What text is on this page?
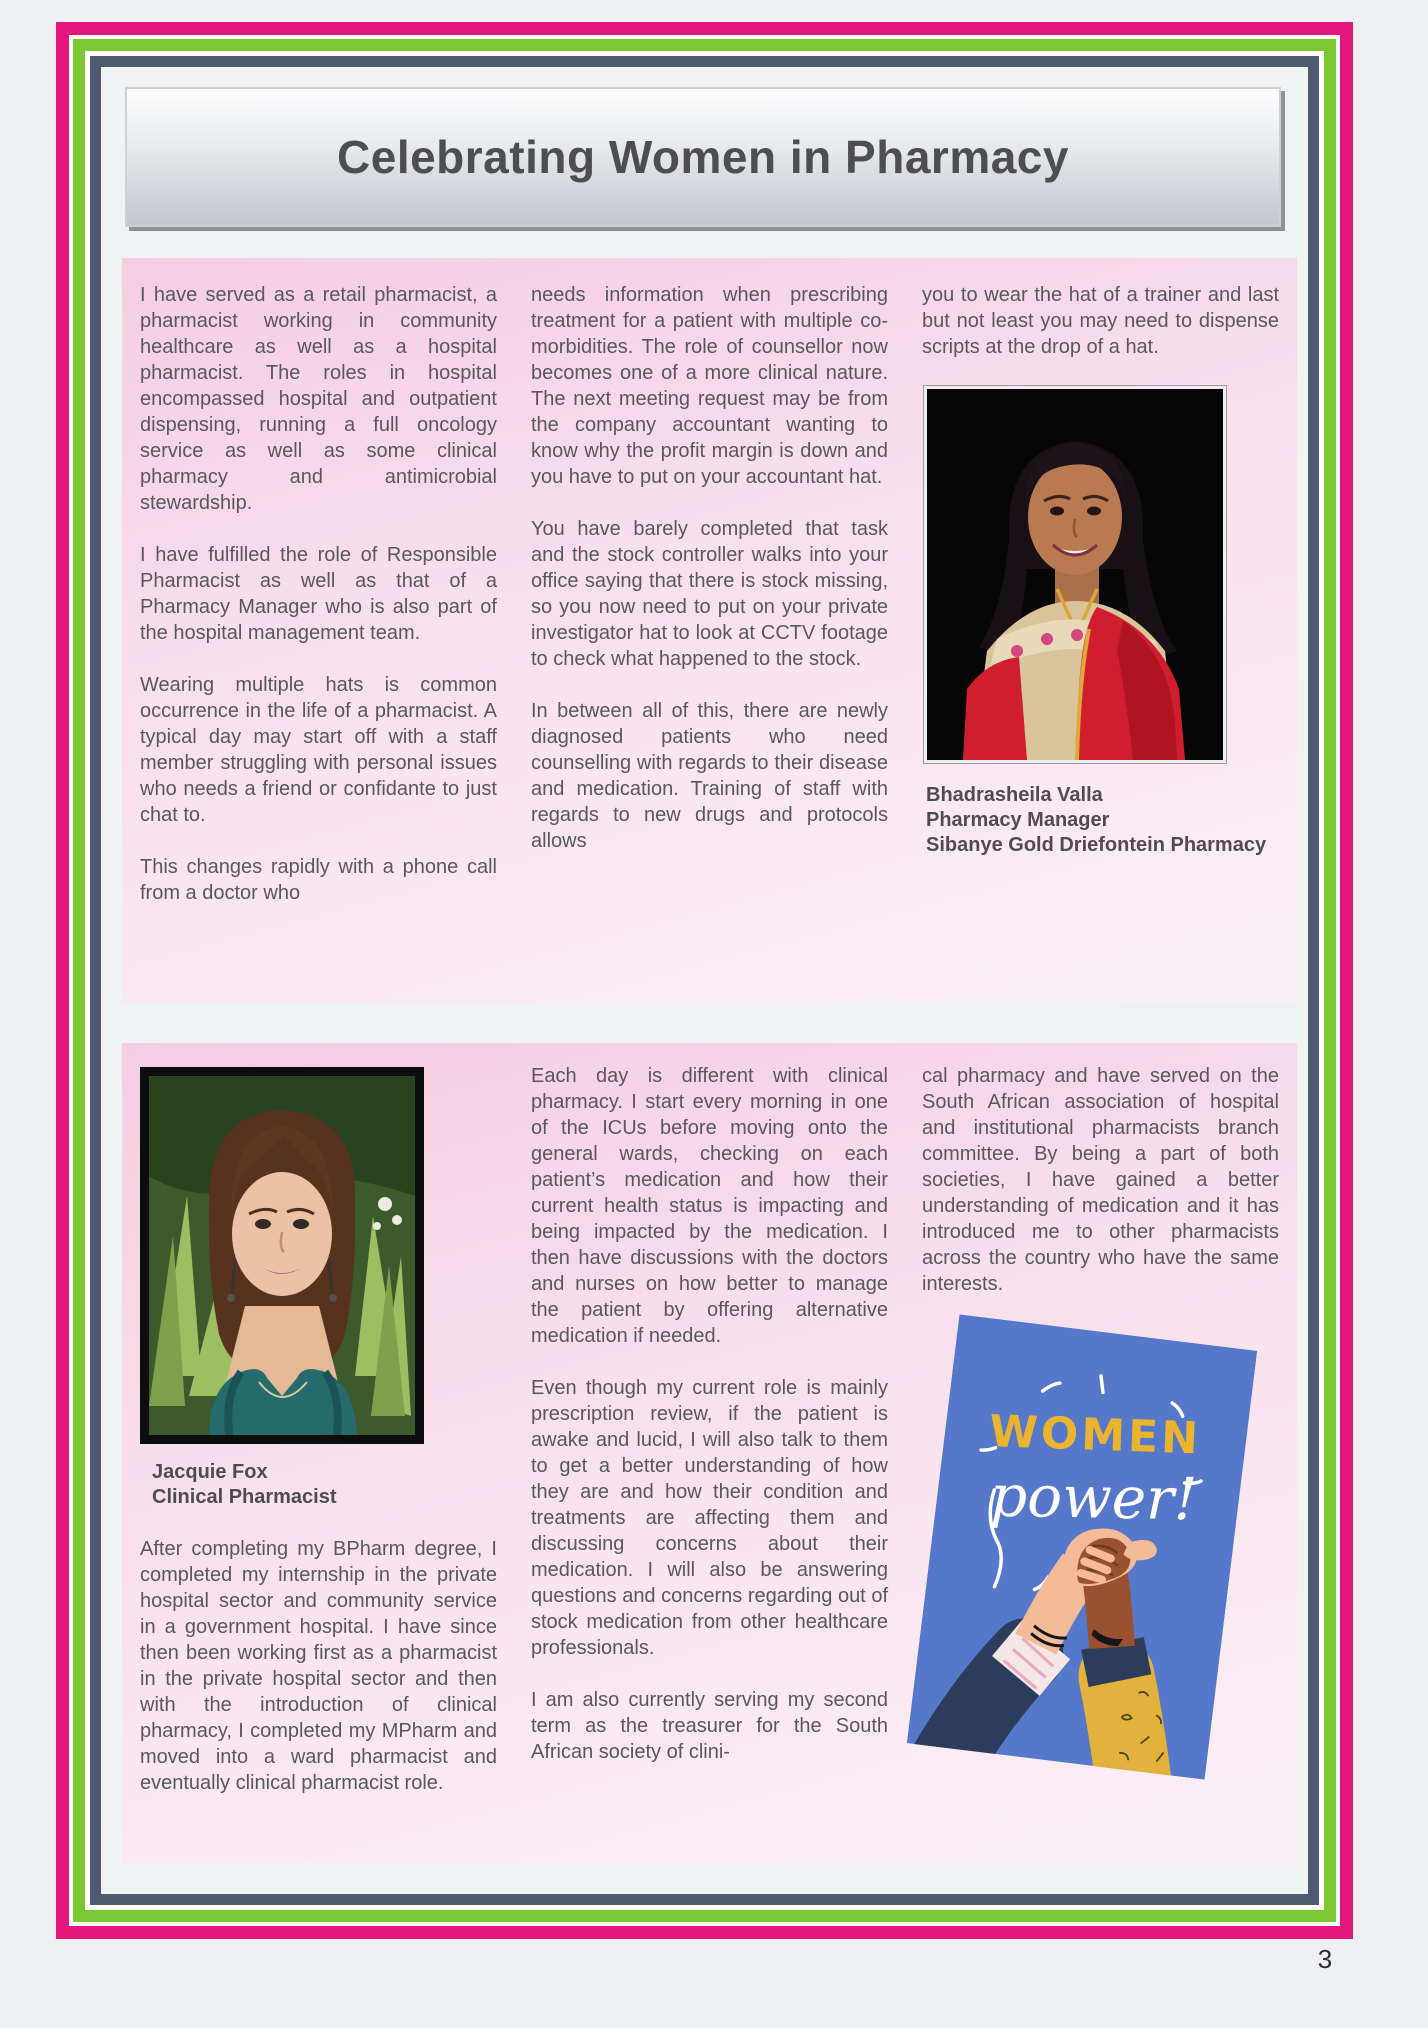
Celebrating Women in Pharmacy

I have served as a retail pharmacist, a pharmacist working in community healthcare as well as a hospital pharmacist. The roles in hospital encompassed hospital and outpatient dispensing, running a full oncology service as well as some clinical pharmacy and antimicrobial stewardship.

I have fulfilled the role of Responsible Pharmacist as well as that of a Pharmacy Manager who is also part of the hospital management team.

Wearing multiple hats is common occurrence in the life of a pharmacist. A typical day may start off with a staff member struggling with personal issues who needs a friend or confidante to just chat to.

This changes rapidly with a phone call from a doctor who

needs information when prescribing treatment for a patient with multiple co-morbidities. The role of counsellor now becomes one of a more clinical nature. The next meeting request may be from the company accountant wanting to know why the profit margin is down and you have to put on your accountant hat.

You have barely completed that task and the stock controller walks into your office saying that there is stock missing, so you now need to put on your private investigator hat to look at CCTV footage to check what happened to the stock.

In between all of this, there are newly diagnosed patients who need counselling with regards to their disease and medication. Training of staff with regards to new drugs and protocols allows

you to wear the hat of a trainer and last but not least you may need to dispense scripts at the drop of a hat.

Bhadrasheila Valla
Pharmacy Manager
Sibanye Gold Driefontein Pharmacy
Jacquie Fox
Clinical Pharmacist

After completing my BPharm degree, I completed my internship in the private hospital sector and community service in a government hospital. I have since then been working first as a pharmacist in the private hospital sector and then with the introduction of clinical pharmacy, I completed my MPharm and moved into a ward pharmacist and eventually clinical pharmacist role.

Each day is different with clinical pharmacy. I start every morning in one of the ICUs before moving onto the general wards, checking on each patient’s medication and how their current health status is impacting and being impacted by the medication. I then have discussions with the doctors and nurses on how better to manage the patient by offering alternative medication if needed.

Even though my current role is mainly prescription review, if the patient is awake and lucid, I will also talk to them to get a better understanding of how they are and how their condition and treatments are affecting them and discussing concerns about their medication. I will also be answering questions and concerns regarding out of stock medication from other healthcare professionals.

I am also currently serving my second term as the treasurer for the South African society of clini-

cal pharmacy and have served on the South African association of hospital and institutional pharmacists branch committee. By being a part of both societies, I have gained a better understanding of medication and it has introduced me to other pharmacists across the country who have the same interests.

WOMEN
power!
3
